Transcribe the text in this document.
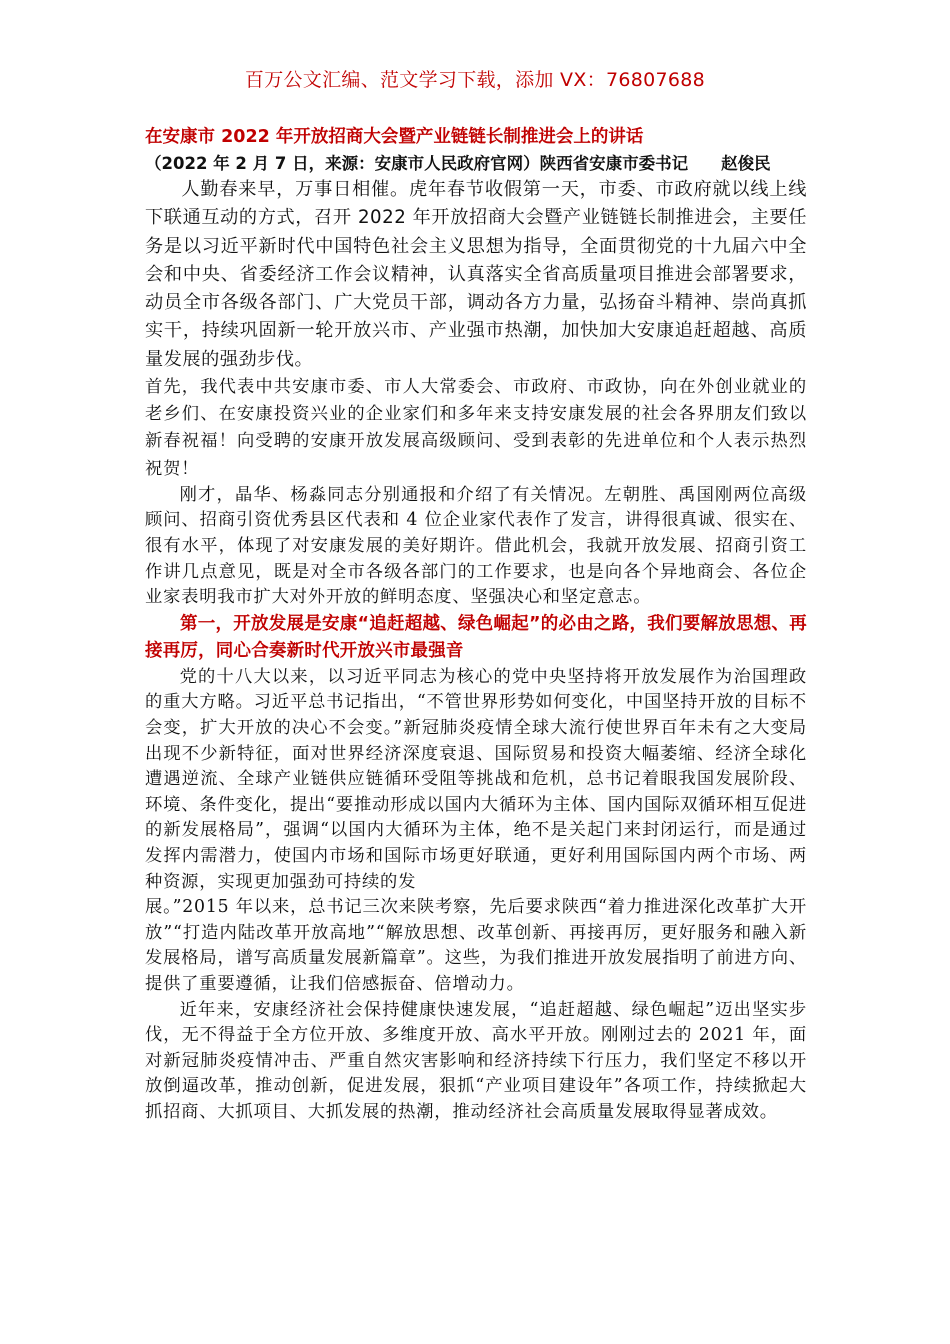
百万公文汇编、范文学习下载，添加 VX：76807688

在安康市 2022 年开放招商大会暨产业链链长制推进会上的讲话

（2022 年 2 月 7 日，来源：安康市人民政府官网）陕西省安康市委书记　　赵俊民

人勤春来早，万事日相催。虎年春节收假第一天，市委、市政府就以线上线下联通互动的方式，召开 2022 年开放招商大会暨产业链链长制推进会，主要任务是以习近平新时代中国特色社会主义思想为指导，全面贯彻党的十九届六中全会和中央、省委经济工作会议精神，认真落实全省高质量项目推进会部署要求，动员全市各级各部门、广大党员干部，调动各方力量，弘扬奋斗精神、崇尚真抓实干，持续巩固新一轮开放兴市、产业强市热潮，加快加大安康追赶超越、高质量发展的强劲步伐。

首先，我代表中共安康市委、市人大常委会、市政府、市政协，向在外创业就业的老乡们、在安康投资兴业的企业家们和多年来支持安康发展的社会各界朋友们致以新春祝福！向受聘的安康开放发展高级顾问、受到表彰的先进单位和个人表示热烈祝贺！

刚才，晶华、杨淼同志分别通报和介绍了有关情况。左朝胜、禹国刚两位高级顾问、招商引资优秀县区代表和 4 位企业家代表作了发言，讲得很真诚、很实在、很有水平，体现了对安康发展的美好期许。借此机会，我就开放发展、招商引资工作讲几点意见，既是对全市各级各部门的工作要求，也是向各个异地商会、各位企业家表明我市扩大对外开放的鲜明态度、坚强决心和坚定意志。

第一，开放发展是安康“追赶超越、绿色崛起”的必由之路，我们要解放思想、再接再厉，同心合奏新时代开放兴市最强音

党的十八大以来，以习近平同志为核心的党中央坚持将开放发展作为治国理政的重大方略。习近平总书记指出，“不管世界形势如何变化，中国坚持开放的目标不会变，扩大开放的决心不会变。”新冠肺炎疫情全球大流行使世界百年未有之大变局出现不少新特征，面对世界经济深度衰退、国际贸易和投资大幅萎缩、经济全球化遭遇逆流、全球产业链供应链循环受阻等挑战和危机，总书记着眼我国发展阶段、环境、条件变化，提出“要推动形成以国内大循环为主体、国内国际双循环相互促进的新发展格局”，强调“以国内大循环为主体，绝不是关起门来封闭运行，而是通过发挥内需潜力，使国内市场和国际市场更好联通，更好利用国际国内两个市场、两种资源，实现更加强劲可持续的发

展。”2015 年以来，总书记三次来陕考察，先后要求陕西“着力推进深化改革扩大开放”“打造内陆改革开放高地”“解放思想、改革创新、再接再厉，更好服务和融入新发展格局，谱写高质量发展新篇章”。这些，为我们推进开放发展指明了前进方向、提供了重要遵循，让我们倍感振奋、倍增动力。

近年来，安康经济社会保持健康快速发展，“追赶超越、绿色崛起”迈出坚实步伐，无不得益于全方位开放、多维度开放、高水平开放。刚刚过去的 2021 年，面对新冠肺炎疫情冲击、严重自然灾害影响和经济持续下行压力，我们坚定不移以开放倒逼改革，推动创新，促进发展，狠抓“产业项目建设年”各项工作，持续掀起大抓招商、大抓项目、大抓发展的热潮，推动经济社会高质量发展取得显著成效。
